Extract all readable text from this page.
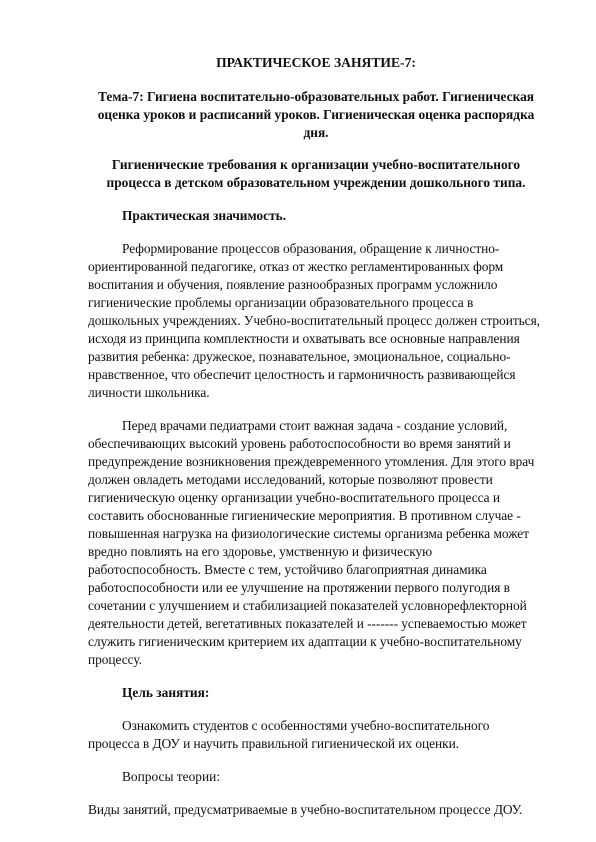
ПРАКТИЧЕСКОЕ ЗАНЯТИЕ-7:

Тема-7: Гигиена воспитательно-образовательных работ. Гигиеническая оценка уроков и расписаний уроков. Гигиеническая оценка распорядка дня.

Гигиенические требования к организации учебно-воспитательного процесса в детском образовательном учреждении дошкольного типа.

Практическая значимость.

Реформирование процессов образования, обращение к личностно-ориентированной педагогике, отказ от жестко регламентированных форм воспитания и обучения, появление разнообразных программ усложнило гигиенические проблемы организации образовательного процесса в дошкольных учреждениях. Учебно-воспитательный процесс должен строиться, исходя из принципа комплектности и охватывать все основные направления развития ребенка: дружеское, познавательное, эмоциональное, социально-нравственное, что обеспечит целостность и гармоничность развивающейся личности школьника.

Перед врачами педиатрами стоит важная задача - создание условий, обеспечивающих высокий уровень работоспособности во время занятий и предупреждение возникновения преждевременного утомления. Для этого врач должен овладеть методами исследований, которые позволяют провести гигиеническую оценку организации учебно-воспитательного процесса и составить обоснованные гигиенические мероприятия. В противном случае - повышенная нагрузка на физиологические системы организма ребенка может вредно повлиять на его здоровье, умственную и физическую работоспособность. Вместе с тем, устойчиво благоприятная динамика работоспособности или ее улучшение на протяжении первого полугодия в сочетании с улучшением и стабилизацией показателей условнорефлекторной деятельности детей, вегетативных показателей и ------- успеваемостью может служить гигиеническим критерием их адаптации к учебно-воспитательному процессу.

Цель занятия:

Ознакомить студентов с особенностями учебно-воспитательного процесса в ДОУ и научить правильной гигиенической их оценки.

Вопросы теории:

Виды занятий, предусматриваемые в учебно-воспитательном процессе ДОУ.
